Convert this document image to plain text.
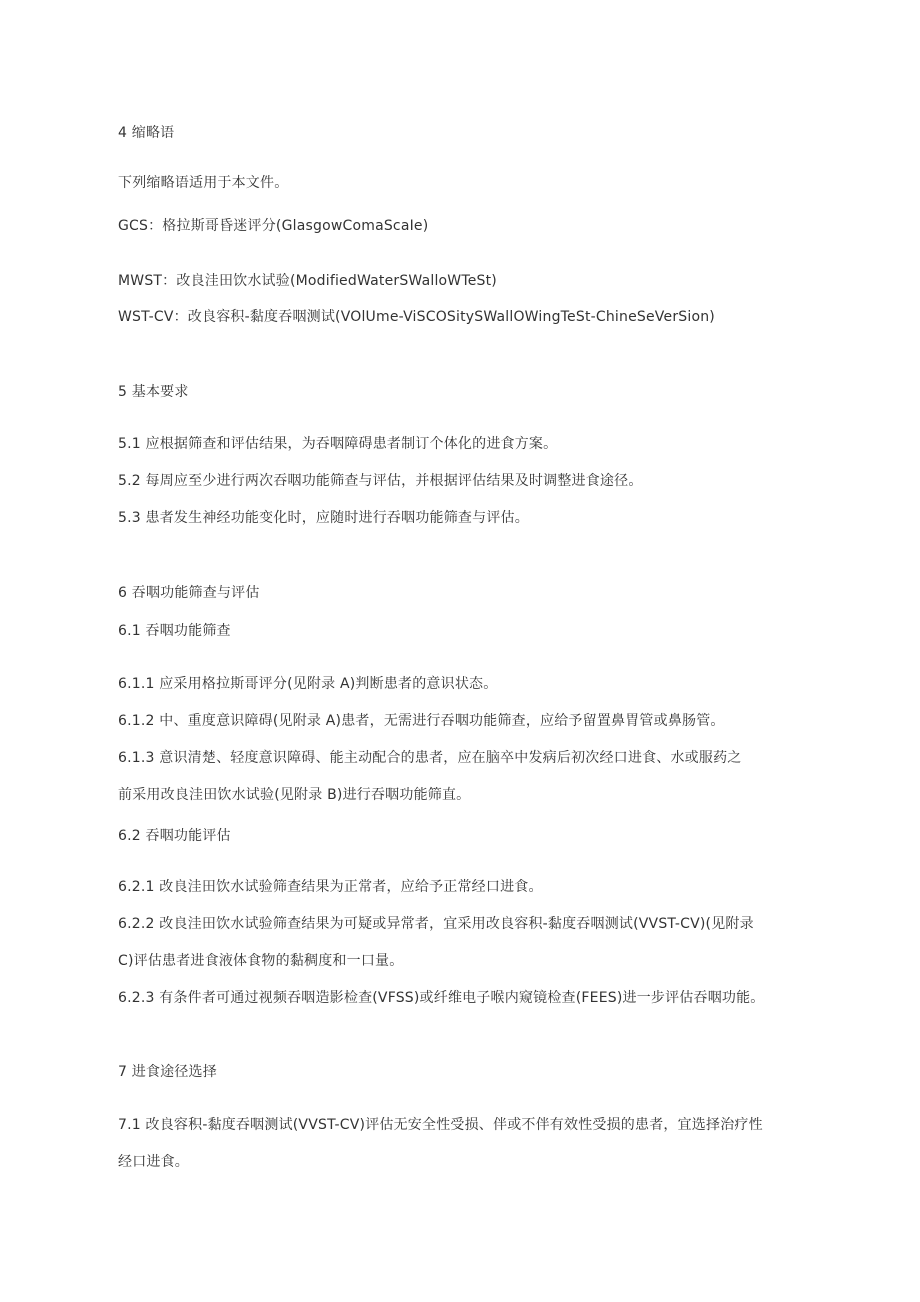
4 缩略语
下列缩略语适用于本文件。
GCS：格拉斯哥昏迷评分(GlasgowComaScaIe)
MWST：改良洼田饮水试验(ModifiedWaterSWalloWTeSt)
WST-CV：改良容积-黏度吞咽测试(VOlUme-ViSCOSitySWallOWingTeSt-ChineSeVerSion)
5 基本要求
5.1 应根据筛查和评估结果，为吞咽障碍患者制订个体化的进食方案。
5.2 每周应至少进行两次吞咽功能筛查与评估，并根据评估结果及时调整进食途径。
5.3 患者发生神经功能变化时，应随时进行吞咽功能筛查与评估。
6 吞咽功能筛查与评估
6.1 吞咽功能筛查
6.1.1 应采用格拉斯哥评分(见附录 A)判断患者的意识状态。
6.1.2 中、重度意识障碍(见附录 A)患者，无需进行吞咽功能筛查，应给予留置鼻胃管或鼻肠管。
6.1.3 意识清楚、轻度意识障碍、能主动配合的患者，应在脑卒中发病后初次经口进食、水或服药之
前采用改良洼田饮水试验(见附录 B)进行吞咽功能筛直。
6.2 吞咽功能评估
6.2.1 改良洼田饮水试验筛查结果为正常者，应给予正常经口进食。
6.2.2 改良洼田饮水试验筛查结果为可疑或异常者，宜采用改良容积-黏度吞咽测试(VVST-CV)(见附录
C)评估患者进食液体食物的黏稠度和一口量。
6.2.3 有条件者可通过视频吞咽造影检查(VFSS)或纤维电子喉内窥镜检查(FEES)进一步评估吞咽功能。
7 进食途径选择
7.1 改良容积-黏度吞咽测试(VVST-CV)评估无安全性受损、伴或不伴有效性受损的患者，宜选择治疗性
经口进食。
